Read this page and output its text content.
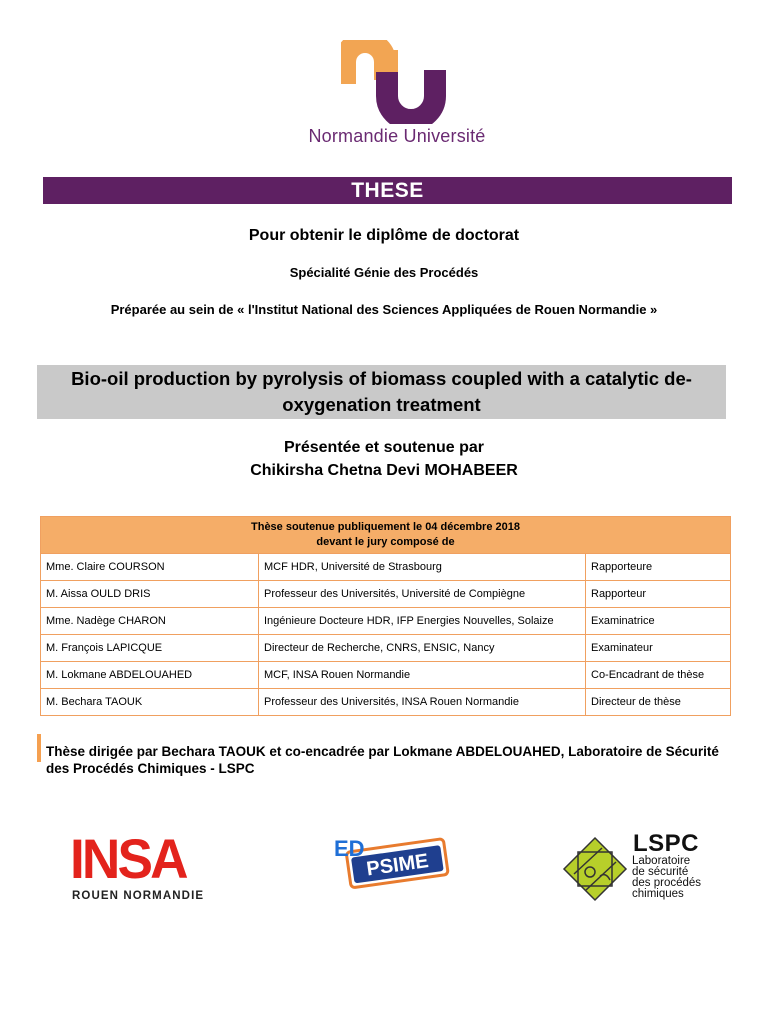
Normandie Université
THESE
Pour obtenir le diplôme de doctorat
Spécialité Génie des Procédés
Préparée au sein de « l'Institut National des Sciences Appliquées de Rouen Normandie »
Bio-oil production by pyrolysis of biomass coupled with a catalytic de-oxygenation treatment
Présentée et soutenue par
Chikirsha Chetna Devi MOHABEER
Thèse soutenue publiquement le 04 décembre 2018
devant le jury composé de		

Mme. Claire COURSON	MCF HDR, Université de Strasbourg	Rapporteure
M. Aissa OULD DRIS	Professeur des Universités, Université de Compiègne	Rapporteur
Mme. Nadège CHARON	Ingénieure Docteure HDR, IFP Energies Nouvelles, Solaize	Examinatrice
M. François LAPICQUE	Directeur de Recherche, CNRS, ENSIC, Nancy	Examinateur
M. Lokmane ABDELOUAHED	MCF, INSA Rouen Normandie	Co-Encadrant de thèse
M. Bechara TAOUK	Professeur des Universités, INSA Rouen Normandie	Directeur de thèse
Thèse dirigée par Bechara TAOUK et co-encadrée par Lokmane ABDELOUAHED, Laboratoire de Sécurité des Procédés Chimiques - LSPC
INSA
ROUEN NORMANDIE
PSIME
ED	LSPC
Laboratoire
de sécurité
des procédés
chimiques
